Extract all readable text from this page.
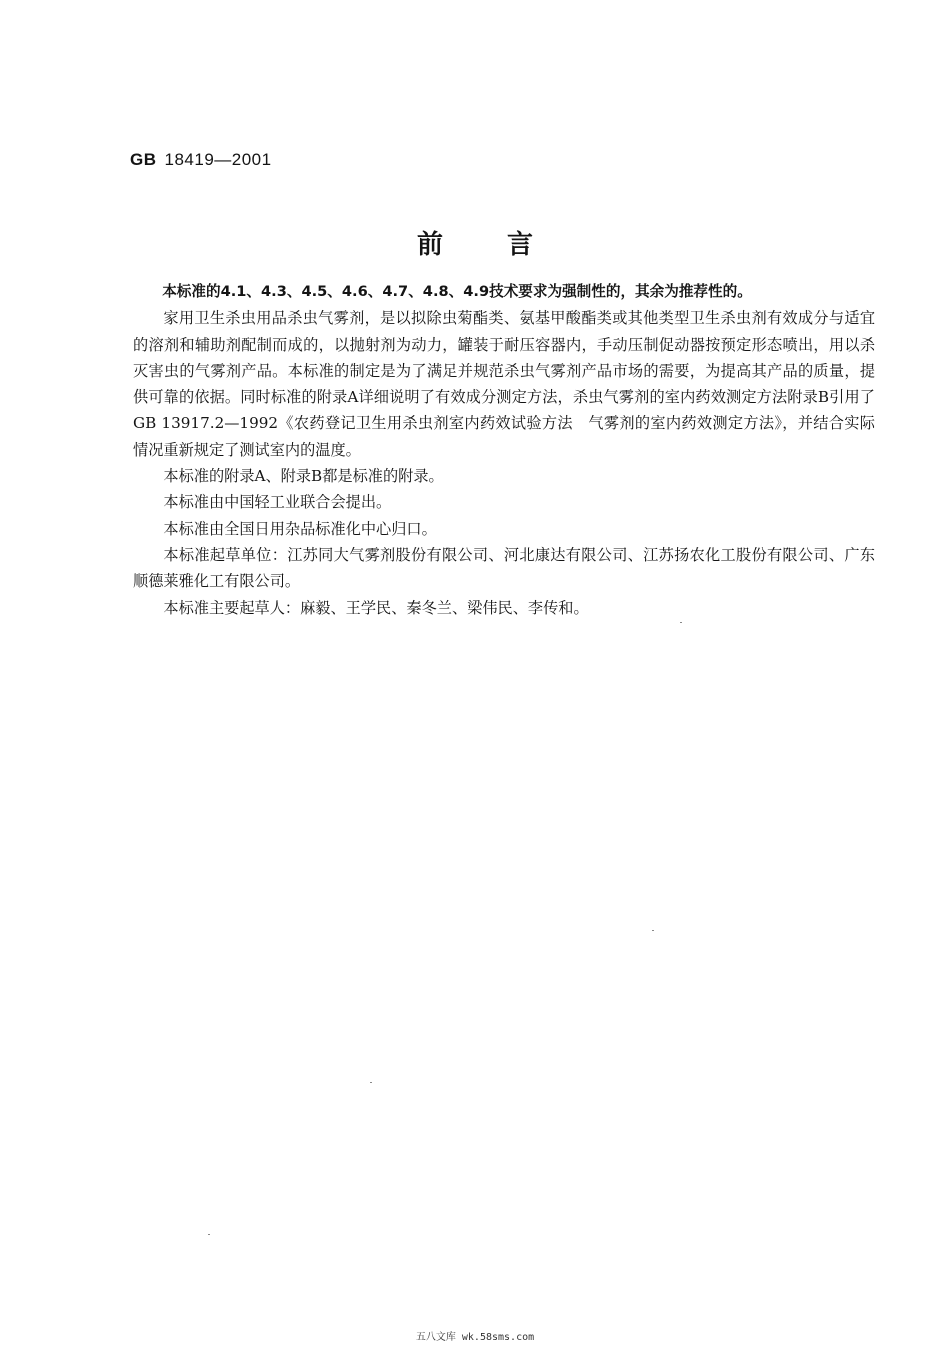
GB 18419—2001
前 言

本标准的4.1、4.3、4.5、4.6、4.7、4.8、4.9技术要求为强制性的，其余为推荐性的。

家用卫生杀虫用品杀虫气雾剂，是以拟除虫菊酯类、氨基甲酸酯类或其他类型卫生杀虫剂有效成分与适宜的溶剂和辅助剂配制而成的，以抛射剂为动力，罐装于耐压容器内，手动压制促动器按预定形态喷出，用以杀灭害虫的气雾剂产品。本标准的制定是为了满足并规范杀虫气雾剂产品市场的需要，为提高其产品的质量，提供可靠的依据。同时标准的附录A详细说明了有效成分测定方法，杀虫气雾剂的室内药效测定方法附录B引用了GB 13917.2—1992《农药登记卫生用杀虫剂室内药效试验方法　气雾剂的室内药效测定方法》，并结合实际情况重新规定了测试室内的温度。

本标准的附录A、附录B都是标准的附录。

本标准由中国轻工业联合会提出。

本标准由全国日用杂品标准化中心归口。

本标准起草单位：江苏同大气雾剂股份有限公司、河北康达有限公司、江苏扬农化工股份有限公司、广东顺德莱雅化工有限公司。

本标准主要起草人：麻毅、王学民、秦冬兰、梁伟民、李传和。

五八文库 wk.58sms.com
